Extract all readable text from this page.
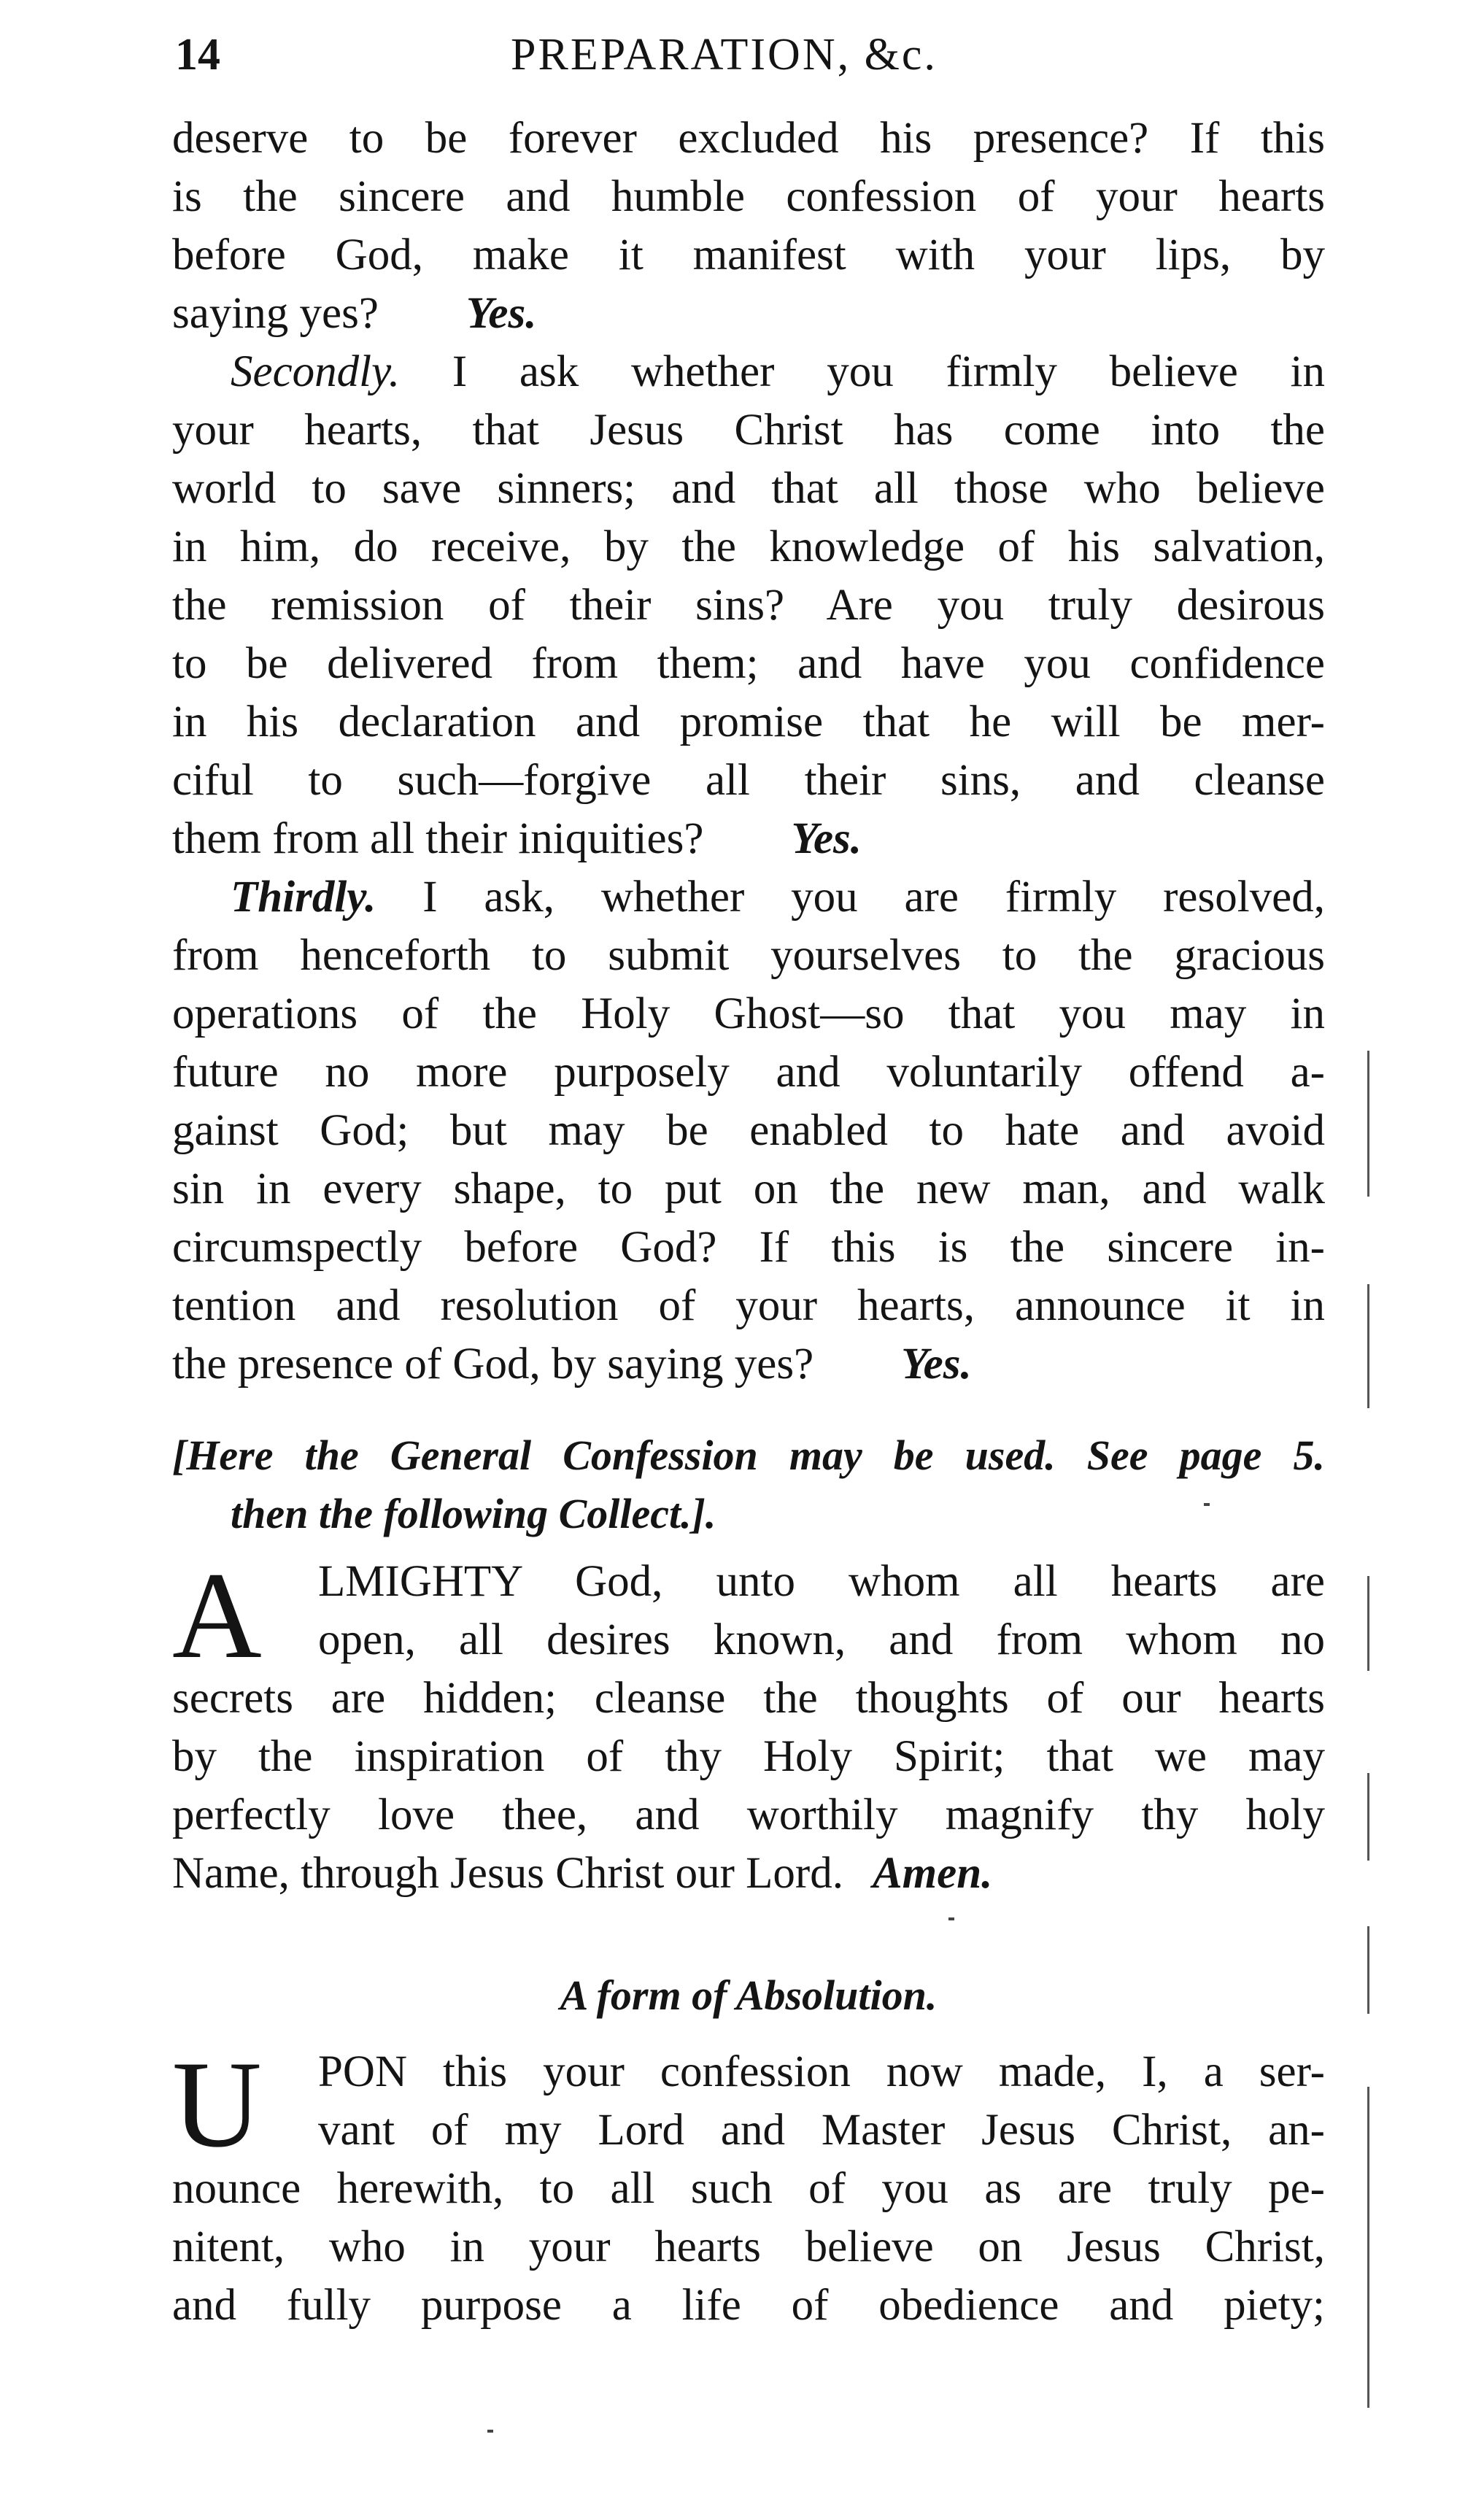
14	PREPARATION, &c.
deserve to be forever excluded his presence? If this
is the sincere and humble confession of your hearts
before God, make it manifest with your lips, by
saying yes? Yes.
Secondly. I ask whether you firmly believe in
your hearts, that Jesus Christ has come into the
world to save sinners; and that all those who believe
in him, do receive, by the knowledge of his salvation,
the remission of their sins? Are you truly desirous
to be delivered from them; and have you confidence
in his declaration and promise that he will be mer-
ciful to such—forgive all their sins, and cleanse
them from all their iniquities? Yes.
Thirdly. I ask, whether you are firmly resolved,
from henceforth to submit yourselves to the gracious
operations of the Holy Ghost—so that you may in
future no more purposely and voluntarily offend a-
gainst God; but may be enabled to hate and avoid
sin in every shape, to put on the new man, and walk
circumspectly before God? If this is the sincere in-
tention and resolution of your hearts, announce it in
the presence of God, by saying yes? Yes.
[Here the General Confession may be used. See page 5.
then the following Collect.].
A	LMIGHTY God, unto whom all hearts are
open, all desires known, and from whom no
secrets are hidden; cleanse the thoughts of our hearts
by the inspiration of thy Holy Spirit; that we may
perfectly love thee, and worthily magnify thy holy
Name, through Jesus Christ our Lord. Amen.
A form of Absolution.
U	PON this your confession now made, I, a ser-
vant of my Lord and Master Jesus Christ, an-
nounce herewith, to all such of you as are truly pe-
nitent, who in your hearts believe on Jesus Christ,
and fully purpose a life of obedience and piety;
